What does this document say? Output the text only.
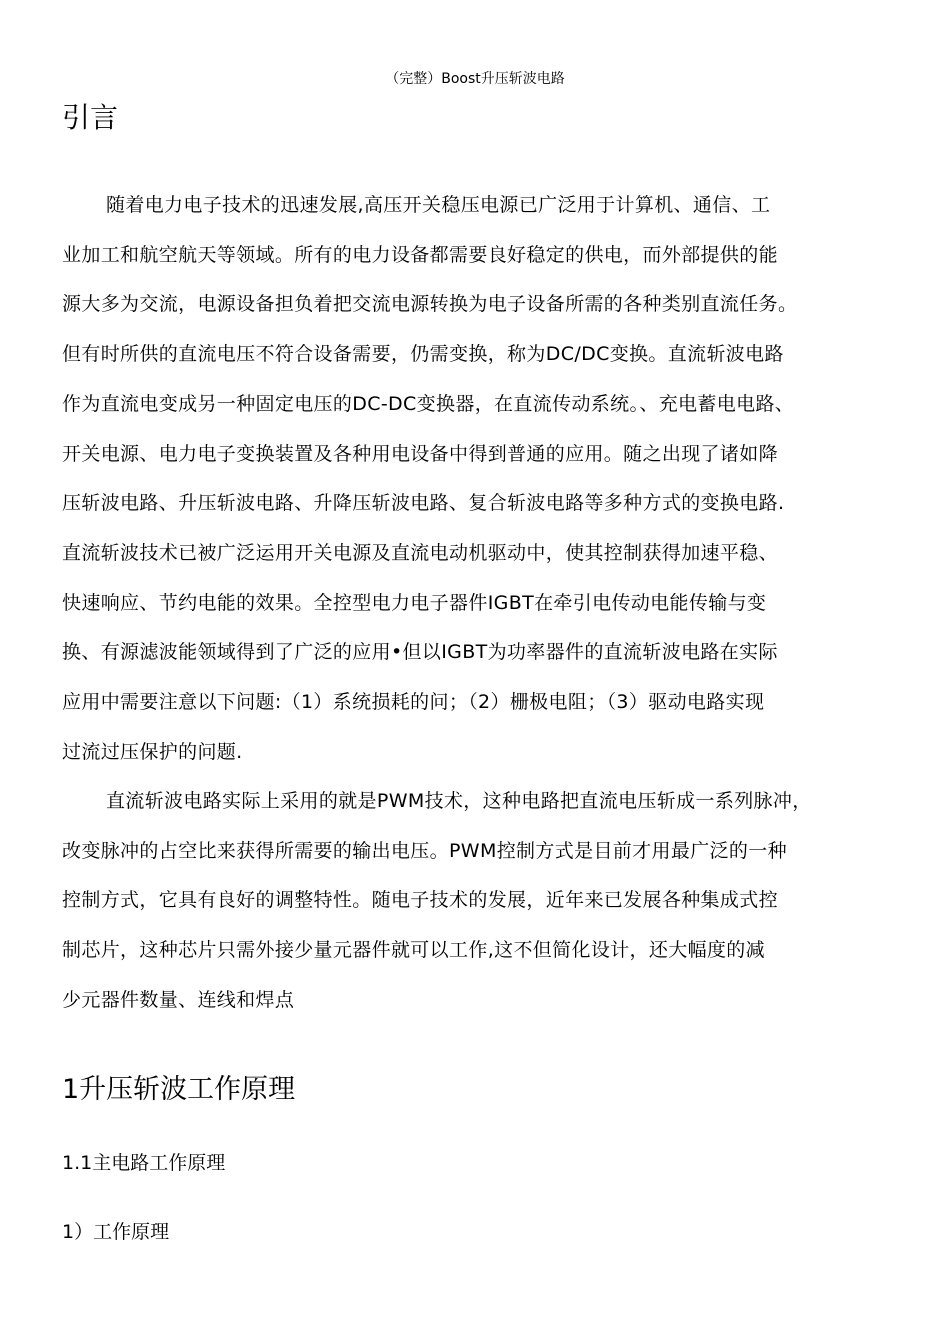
（完整）Boost升压斩波电路
引言
随着电力电子技术的迅速发展,高压开关稳压电源已广泛用于计算机、通信、工
业加工和航空航天等领域。所有的电力设备都需要良好稳定的供电，而外部提供的能
源大多为交流，电源设备担负着把交流电源转换为电子设备所需的各种类别直流任务。
但有时所供的直流电压不符合设备需要，仍需变换，称为DC/DC变换。直流斩波电路
作为直流电变成另一种固定电压的DC-DC变换器，在直流传动系统。、充电蓄电电路、
开关电源、电力电子变换装置及各种用电设备中得到普通的应用。随之出现了诸如降
压斩波电路、升压斩波电路、升降压斩波电路、复合斩波电路等多种方式的变换电路.
直流斩波技术已被广泛运用开关电源及直流电动机驱动中，使其控制获得加速平稳、
快速响应、节约电能的效果。全控型电力电子器件IGBT在牵引电传动电能传输与变
换、有源滤波能领域得到了广泛的应用•但以IGBT为功率器件的直流斩波电路在实际
应用中需要注意以下问题:（1）系统损耗的问；（2）栅极电阻；（3）驱动电路实现
过流过压保护的问题.
直流斩波电路实际上采用的就是PWM技术，这种电路把直流电压斩成一系列脉冲，
改变脉冲的占空比来获得所需要的输出电压。PWM控制方式是目前才用最广泛的一种
控制方式，它具有良好的调整特性。随电子技术的发展，近年来已发展各种集成式控
制芯片，这种芯片只需外接少量元器件就可以工作,这不但简化设计，还大幅度的减
少元器件数量、连线和焊点
1升压斩波工作原理
1.1主电路工作原理
1）工作原理
